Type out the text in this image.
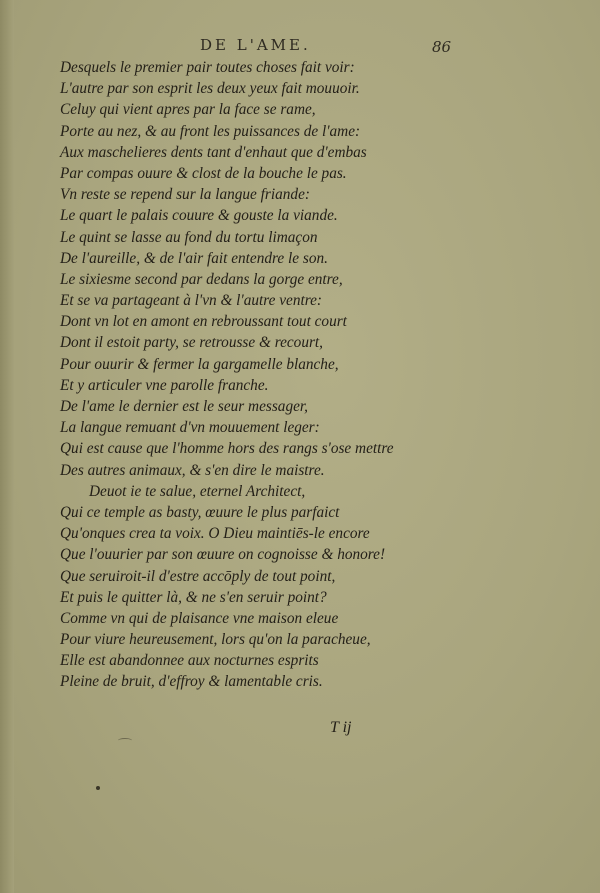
DE L'AME.	86
Desquels le premier pair toutes choses fait voir:
L'autre par son esprit les deux yeux fait mouuoir.
Celuy qui vient apres par la face se rame,
Porte au nez, & au front les puissances de l'ame:
Aux maschelieres dents tant d'enhaut que d'embas
Par compas ouure & clost de la bouche le pas.
Vn reste se repend sur la langue friande:
Le quart le palais couure & gouste la viande.
Le quint se lasse au fond du tortu limaçon
De l'aureille, & de l'air fait entendre le son.
Le sixiesme second par dedans la gorge entre,
Et se va partageant à l'vn & l'autre ventre:
Dont vn lot en amont en rebroussant tout court
Dont il estoit party, se retrousse & recourt,
Pour ouurir & fermer la gargamelle blanche,
Et y articuler vne parolle franche.
De l'ame le dernier est le seur messager,
La langue remuant d'vn mouuement leger:
Qui est cause que l'homme hors des rangs s'ose mettre
Des autres animaux, & s'en dire le maistre.
Deuot ie te salue, eternel Architect,
Qui ce temple as basty, œuure le plus parfaict
Qu'onques crea ta voix. O Dieu maintiēs-le encore
Que l'ouurier par son œuure on cognoisse & honore!
Que seruiroit-il d'estre accōply de tout point,
Et puis le quitter là, & ne s'en seruir point?
Comme vn qui de plaisance vne maison eleue
Pour viure heureusement, lors qu'on la paracheue,
Elle est abandonnee aux nocturnes esprits
Pleine de bruit, d'effroy & lamentable cris.
T ij
